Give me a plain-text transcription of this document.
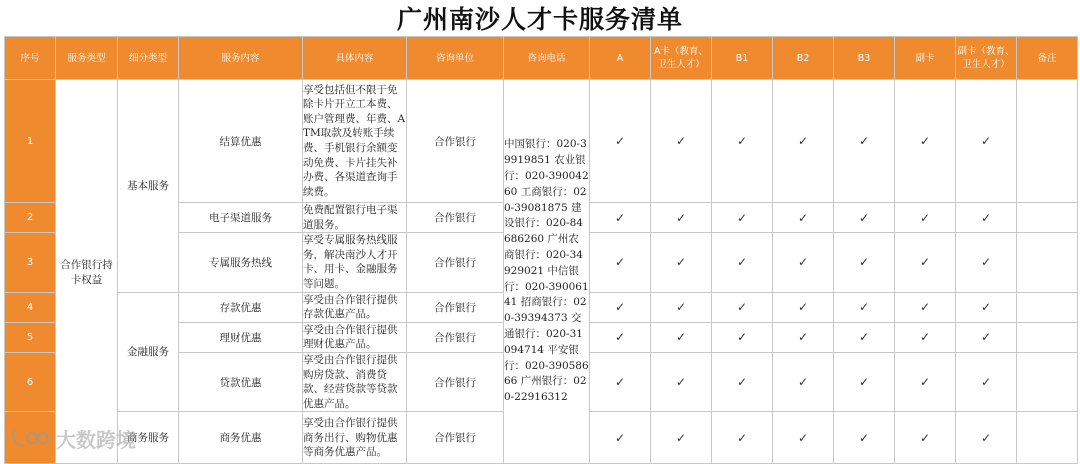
广州南沙人才卡服务清单
序号	服务类型	细分类型	服务内容	具体内容	咨询单位	咨询电话	A	A卡（教育、卫生人才）	B1	B2	B3	副卡	副卡（教育、卫生人才）	备注
1	合作银行持卡权益	基本服务	结算优惠	享受包括但不限于免除卡片开立工本费、账户管理费、年费、ATM取款及转账手续费、手机银行余额变动免费、卡片挂失补办费、各渠道查询手续费。	合作银行	中国银行：020-39919851 农业银行：020-39004260 工商银行：020-39081875 建设银行：020-84686260 广州农商银行：020-34929021 中信银行：020-39006141 招商银行：020-39394373 交通银行：020-31094714 平安银行：020-39058666 广州银行：020-22916312	✓	✓	✓	✓	✓	✓	✓	
2			电子渠道服务	免费配置银行电子渠道服务。	合作银行		✓	✓	✓	✓	✓	✓	✓	
3			专属服务热线	享受专属服务热线服务，解决南沙人才开卡、用卡、金融服务等问题。	合作银行		✓	✓	✓	✓	✓	✓	✓	
4		金融服务	存款优惠	享受由合作银行提供存款优惠产品。	合作银行		✓	✓	✓	✓	✓	✓	✓	
5			理财优惠	享受由合作银行提供理财优惠产品。	合作银行		✓	✓	✓	✓	✓	✓	✓	
6			贷款优惠	享受由合作银行提供购房贷款、消费贷款、经营贷款等贷款优惠产品。	合作银行		✓	✓	✓	✓	✓	✓	✓	
		商务服务	商务优惠	享受由合作银行提供商务出行、购物优惠等商务优惠产品。	合作银行		✓	✓	✓	✓	✓	✓	✓	
大数跨境
